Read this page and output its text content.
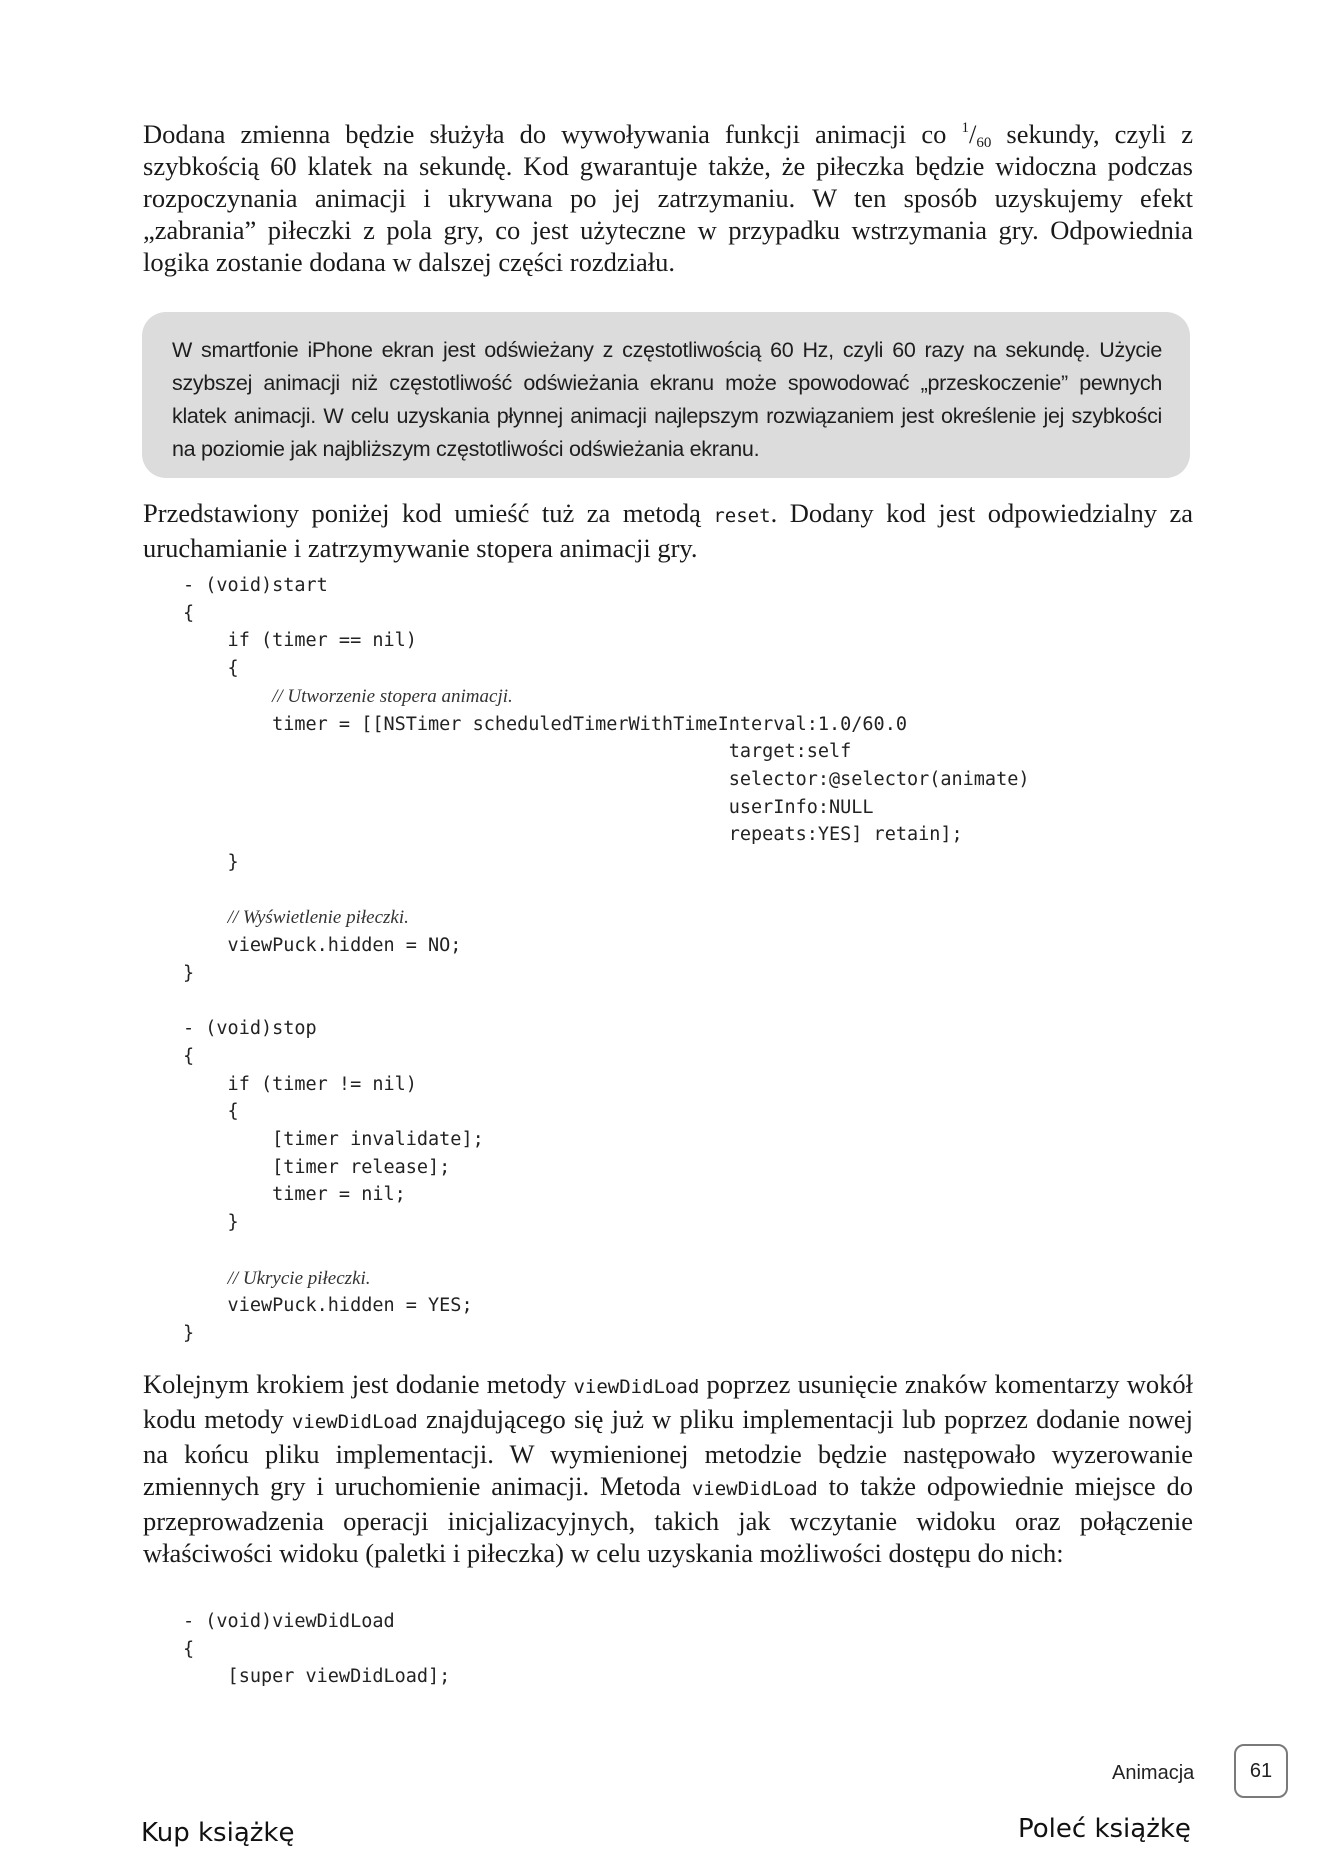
Dodana zmienna będzie służyła do wywoływania funkcji animacji co $^1/_{60}$ sekundy, czyli z szybkością 60 klatek na sekundę. Kod gwarantuje także, że piłeczka będzie widoczna podczas rozpoczynania animacji i ukrywana po jej zatrzymaniu. W ten sposób uzyskujemy efekt „zabrania” piłeczki z pola gry, co jest użyteczne w przypadku wstrzymania gry. Odpowiednia logika zostanie dodana w dalszej części rozdziału.

W smartfonie iPhone ekran jest odświeżany z częstotliwością 60 Hz, czyli 60 razy na sekundę. Użycie szybszej animacji niż częstotliwość odświeżania ekranu może spowodować „przeskoczenie” pewnych klatek animacji. W celu uzyskania płynnej animacji najlepszym rozwiązaniem jest określenie jej szybkości na poziomie jak najbliższym częstotliwości odświeżania ekranu.

Przedstawiony poniżej kod umieść tuż za metodą reset. Dodany kod jest odpowiedzialny za uruchamianie i zatrzymywanie stopera animacji gry.

- (void)start
{
if (timer == nil)
{
// Utworzenie stopera animacji.
timer = [[NSTimer scheduledTimerWithTimeInterval:1.0/60.0
target:self
selector:@selector(animate)
userInfo:NULL
repeats:YES] retain];
}

// Wyświetlenie piłeczki.
viewPuck.hidden = NO;
}

- (void)stop
{
if (timer != nil)
{
[timer invalidate];
[timer release];
timer = nil;
}

// Ukrycie piłeczki.
viewPuck.hidden = YES;
}

Kolejnym krokiem jest dodanie metody viewDidLoad poprzez usunięcie znaków komentarzy wokół kodu metody viewDidLoad znajdującego się już w pliku implementacji lub poprzez dodanie nowej na końcu pliku implementacji. W wymienionej metodzie będzie następowało wyzerowanie zmiennych gry i uruchomienie animacji. Metoda viewDidLoad to także odpowiednie miejsce do przeprowadzenia operacji inicjalizacyjnych, takich jak wczytanie widoku oraz połączenie właściwości widoku (paletki i piłeczka) w celu uzyskania możliwości dostępu do nich:

- (void)viewDidLoad
{
[super viewDidLoad];
Animacja	61
Kup książkę	Poleć książkę
